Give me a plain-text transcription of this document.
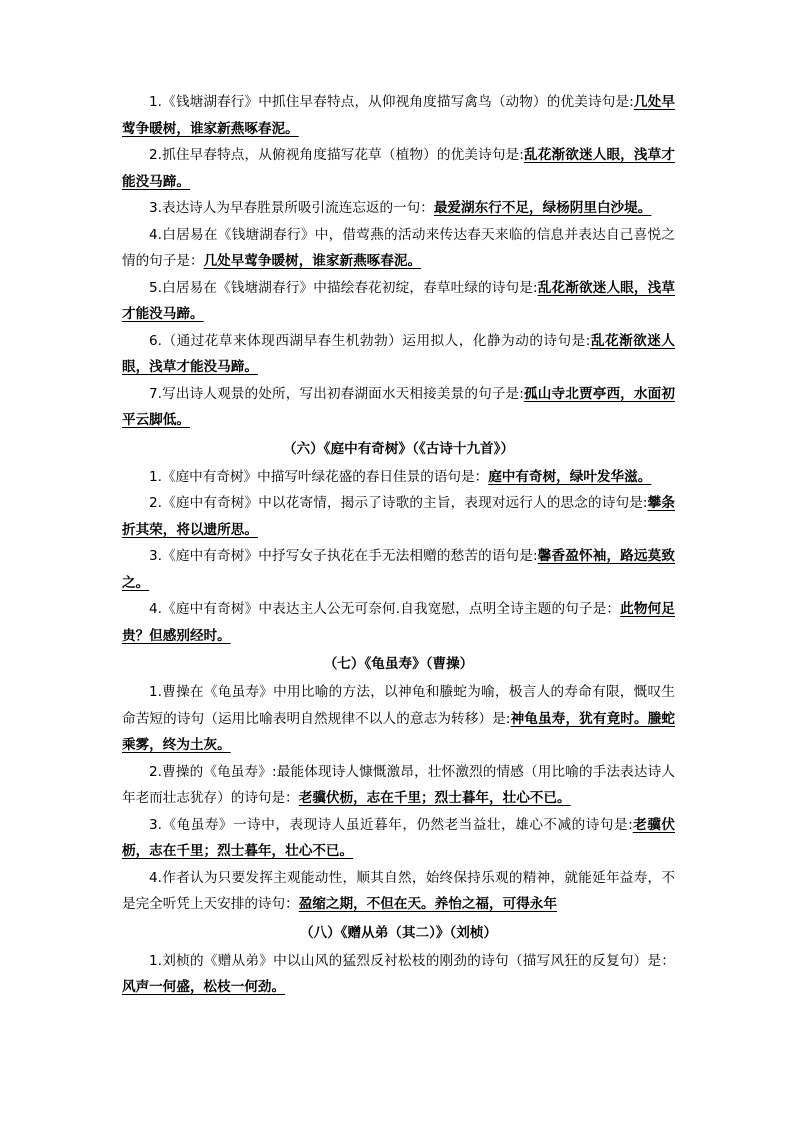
1.《钱塘湖春行》中抓住早春特点，从仰视角度描写禽鸟（动物）的优美诗句是:几处早莺争暖树，谁家新燕啄春泥。

2.抓住早春特点，从俯视角度描写花草（植物）的优美诗句是:乱花渐欲迷人眼，浅草才能没马蹄。

3.表达诗人为早春胜景所吸引流连忘返的一句：最爱湖东行不足，绿杨阴里白沙堤。

4.白居易在《钱塘湖春行》中，借莺燕的活动来传达春天来临的信息并表达自己喜悦之情的句子是：几处早莺争暖树，谁家新燕啄春泥。

5.白居易在《钱塘湖春行》中描绘春花初绽，春草吐绿的诗句是:乱花渐欲迷人眼，浅草才能没马蹄。

6.（通过花草来体现西湖早春生机勃勃）运用拟人，化静为动的诗句是:乱花渐欲迷人眼，浅草才能没马蹄。

7.写出诗人观景的处所，写出初春湖面水天相接美景的句子是:孤山寺北贾亭西，水面初平云脚低。

（六）《庭中有奇树》（《古诗十九首》）

1.《庭中有奇树》中描写叶绿花盛的春日佳景的语句是：庭中有奇树，绿叶发华滋。

2.《庭中有奇树》中以花寄情，揭示了诗歌的主旨，表现对远行人的思念的诗句是:攀条折其荣，将以遗所思。

3.《庭中有奇树》中抒写女子执花在手无法相赠的愁苦的语句是:馨香盈怀袖，路远莫致之。

4.《庭中有奇树》中表达主人公无可奈何.自我宽慰，点明全诗主题的句子是：此物何足贵？但感别经时。

（七）《龟虽寿》（曹操）

1.曹操在《龟虽寿》中用比喻的方法，以神龟和螣蛇为喻，极言人的寿命有限，慨叹生命苦短的诗句（运用比喻表明自然规律不以人的意志为转移）是:神龟虽寿，犹有竟时。螣蛇乘雾，终为土灰。

2.曹操的《龟虽寿》:最能体现诗人慷慨激昂，壮怀激烈的情感（用比喻的手法表达诗人年老而壮志犹存）的诗句是：老骥伏枥，志在千里；烈士暮年，壮心不已。

3.《龟虽寿》一诗中，表现诗人虽近暮年，仍然老当益壮，雄心不减的诗句是:老骥伏枥，志在千里；烈士暮年，壮心不已。

4.作者认为只要发挥主观能动性，顺其自然，始终保持乐观的精神，就能延年益寿，不是完全听凭上天安排的诗句：盈缩之期，不但在天。养怡之福，可得永年

（八）《赠从弟（其二）》（刘桢）

1.刘桢的《赠从弟》中以山风的猛烈反衬松枝的刚劲的诗句（描写风狂的反复句）是：风声一何盛，松枝一何劲。
